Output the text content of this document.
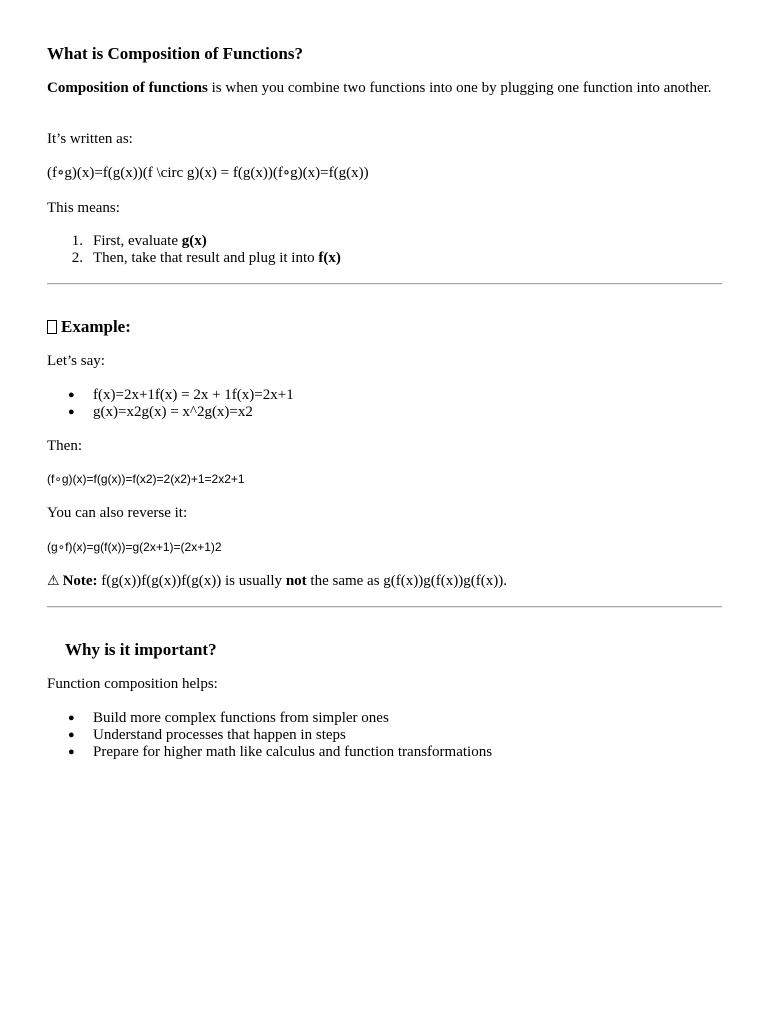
What is Composition of Functions?

Composition of functions is when you combine two functions into one by plugging one function into another.

It’s written as:

(f∘g)(x)=f(g(x))(f \circ g)(x) = f(g(x))(f∘g)(x)=f(g(x))

This means:

1. First, evaluate g(x)
2. Then, take that result and plug it into f(x)
Example:

Let’s say:

● f(x)=2x+1f(x) = 2x + 1f(x)=2x+1
● g(x)=x2g(x) = x^2g(x)=x2

Then:

(f∘g)(x)=f(g(x))=f(x2)=2(x2)+1=2x2+1

You can also reverse it:

(g∘f)(x)=g(f(x))=g(2x+1)=(2x+1)2

⚠ Note: f(g(x))f(g(x))f(g(x)) is usually not the same as g(f(x))g(f(x))g(f(x)).

Why is it important?

Function composition helps:

● Build more complex functions from simpler ones
● Understand processes that happen in steps
● Prepare for higher math like calculus and function transformations
